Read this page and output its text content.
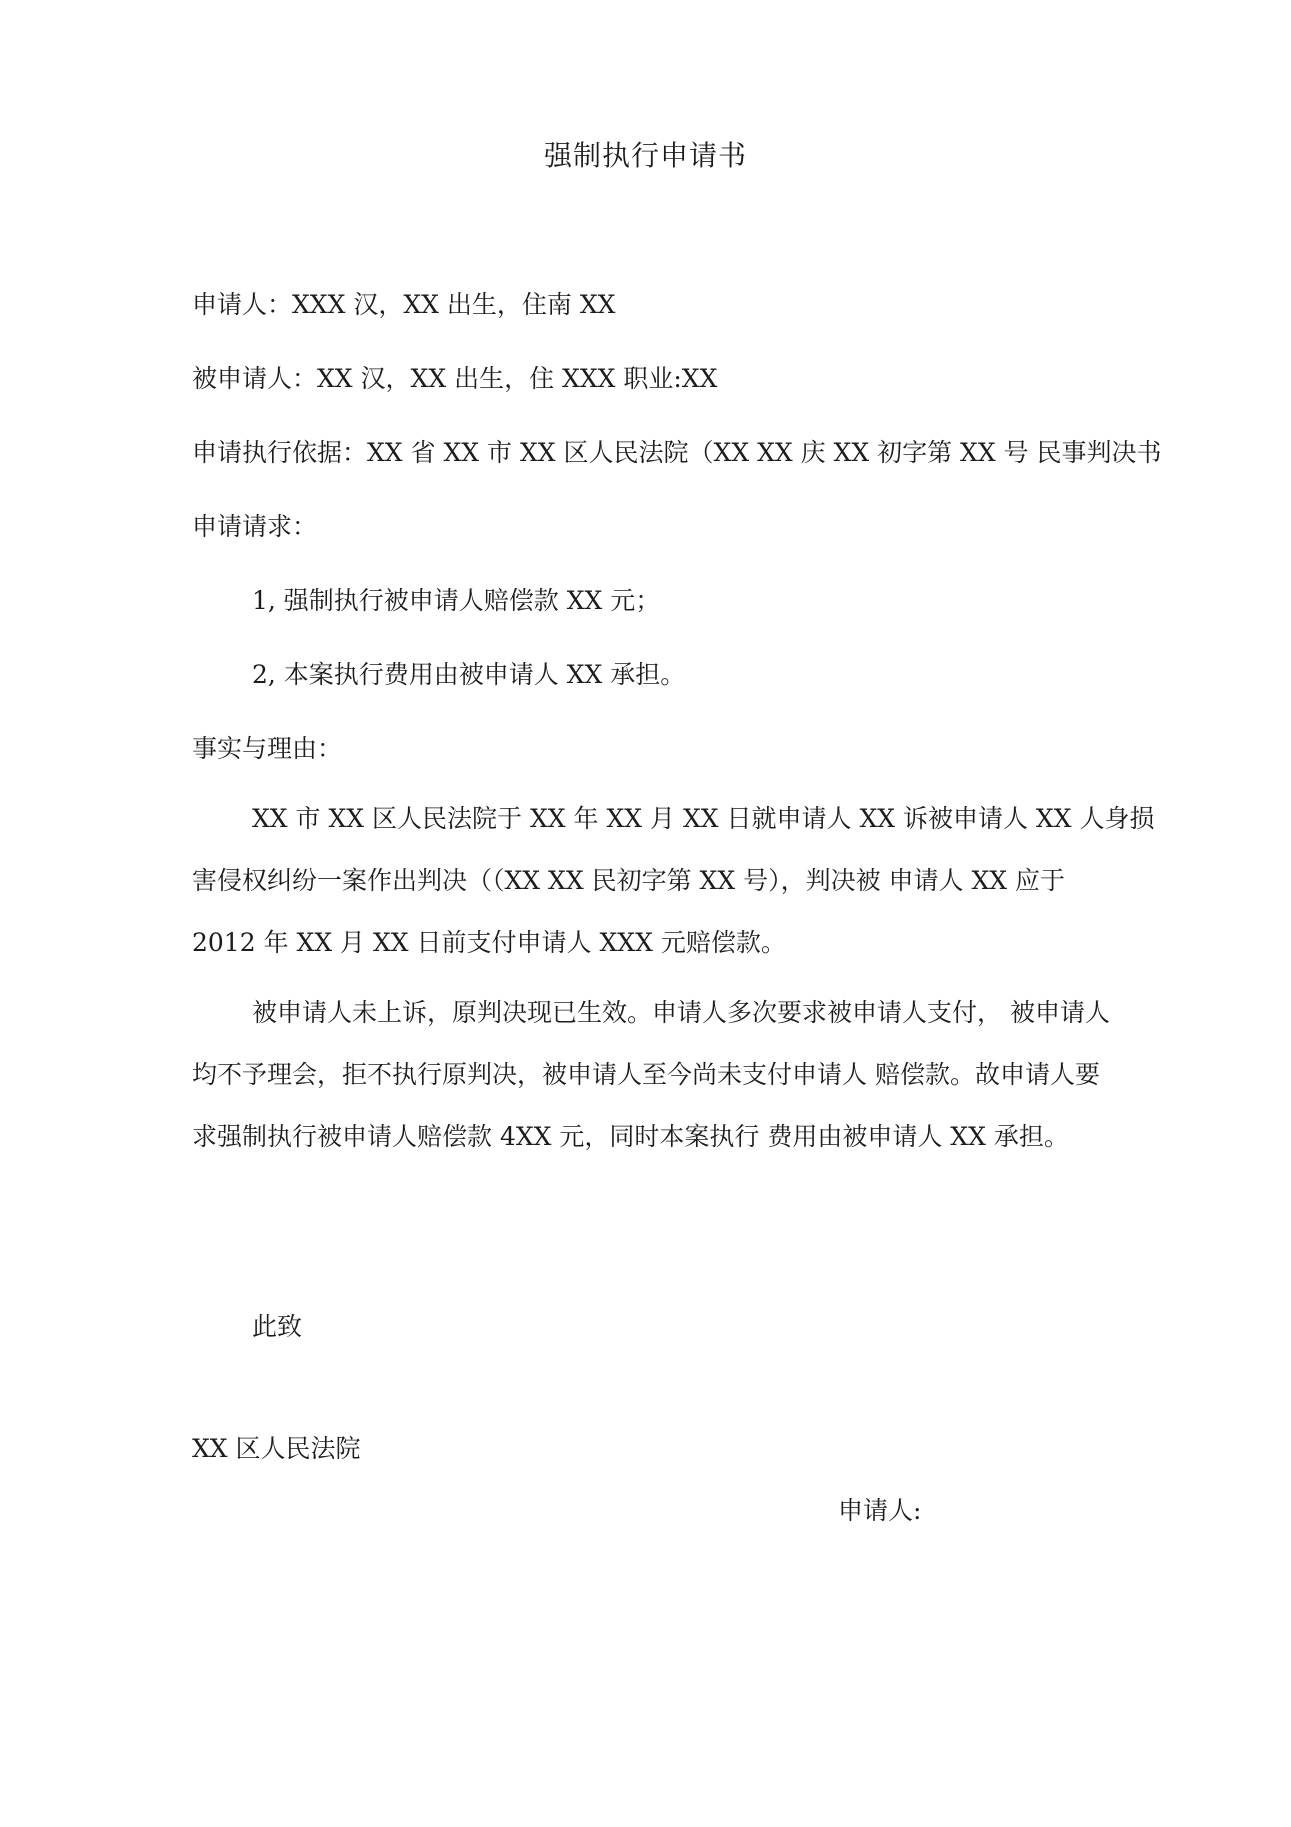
强制执行申请书
申请人：XXX 汉，XX 出生，住南 XX
被申请人：XX 汉，XX 出生，住 XXX 职业:XX
申请执行依据：XX 省 XX 市 XX 区人民法院（XX XX 庆 XX 初字第 XX 号 民事判决书
申请请求：
1, 强制执行被申请人赔偿款 XX 元；
2, 本案执行费用由被申请人 XX 承担。
事实与理由：
XX 市 XX 区人民法院于 XX 年 XX 月 XX 日就申请人 XX 诉被申请人 XX 人身损
害侵权纠纷一案作出判决（（XX XX 民初字第 XX 号），判决被 申请人 XX 应于
2012 年 XX 月 XX 日前支付申请人 XXX 元赔偿款。
被申请人未上诉，原判决现已生效。申请人多次要求被申请人支付， 被申请人
均不予理会，拒不执行原判决，被申请人至今尚未支付申请人 赔偿款。故申请人要
求强制执行被申请人赔偿款 4XX 元，同时本案执行 费用由被申请人 XX 承担。
此致
XX 区人民法院
申请人:
